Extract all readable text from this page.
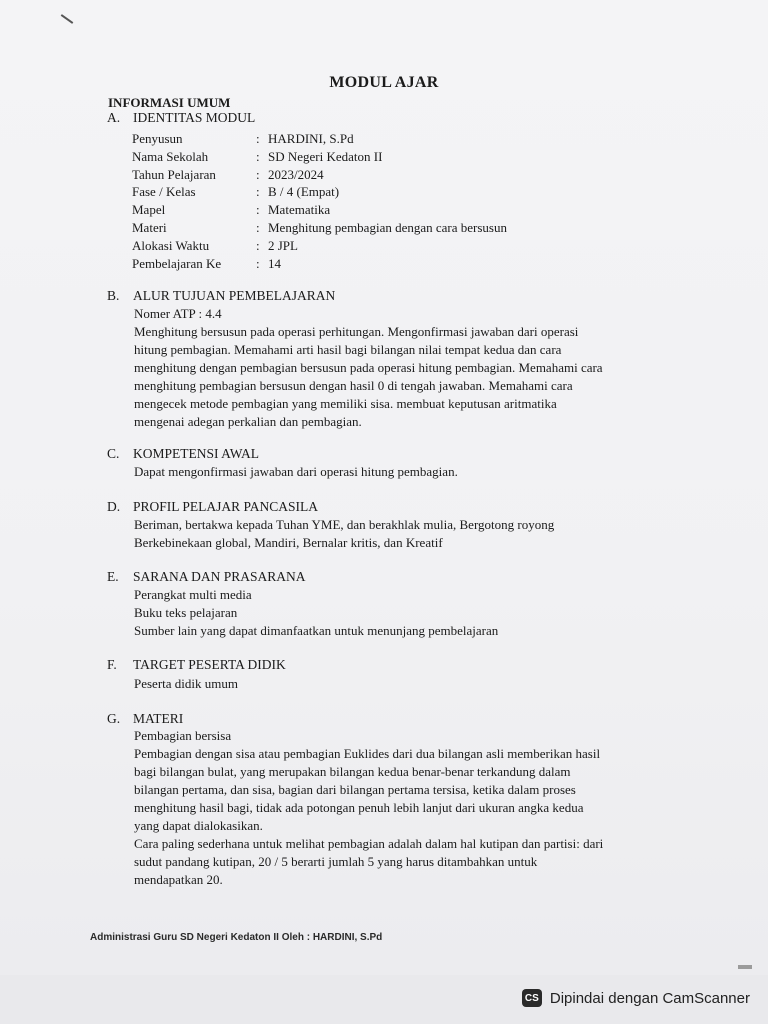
MODUL AJAR
INFORMASI UMUM
A. IDENTITAS MODUL
Penyusun	: HARDINI, S.Pd
Nama Sekolah	: SD Negeri Kedaton II
Tahun Pelajaran	: 2023/2024
Fase / Kelas	: B / 4 (Empat)
Mapel	: Matematika
Materi	: Menghitung pembagian dengan cara bersusun
Alokasi Waktu	: 2 JPL
Pembelajaran Ke	: 14
B. ALUR TUJUAN PEMBELAJARAN
Nomer ATP : 4.4
Menghitung bersusun pada operasi perhitungan. Mengonfirmasi jawaban dari operasi
hitung pembagian. Memahami arti hasil bagi bilangan nilai tempat kedua dan cara
menghitung dengan pembagian bersusun pada operasi hitung pembagian. Memahami cara
menghitung pembagian bersusun dengan hasil 0 di tengah jawaban. Memahami cara
mengecek metode pembagian yang memiliki sisa. membuat keputusan aritmatika
mengenai adegan perkalian dan pembagian.
C. KOMPETENSI AWAL
Dapat mengonfirmasi jawaban dari operasi hitung pembagian.
D. PROFIL PELAJAR PANCASILA
Beriman, bertakwa kepada Tuhan YME, dan berakhlak mulia, Bergotong royong
Berkebinekaan global, Mandiri, Bernalar kritis, dan Kreatif
E. SARANA DAN PRASARANA
Perangkat multi media
Buku teks pelajaran
Sumber lain yang dapat dimanfaatkan untuk menunjang pembelajaran
F. TARGET PESERTA DIDIK
Peserta didik umum
G. MATERI
Pembagian bersisa
Pembagian dengan sisa atau pembagian Euklides dari dua bilangan asli memberikan hasil
bagi bilangan bulat, yang merupakan bilangan kedua benar-benar terkandung dalam
bilangan pertama, dan sisa, bagian dari bilangan pertama tersisa, ketika dalam proses
menghitung hasil bagi, tidak ada potongan penuh lebih lanjut dari ukuran angka kedua
yang dapat dialokasikan.
Cara paling sederhana untuk melihat pembagian adalah dalam hal kutipan dan partisi: dari
sudut pandang kutipan, 20 / 5 berarti jumlah 5 yang harus ditambahkan untuk
mendapatkan 20.
Administrasi Guru SD Negeri Kedaton II Oleh : HARDINI, S.Pd
CS Dipindai dengan CamScanner
